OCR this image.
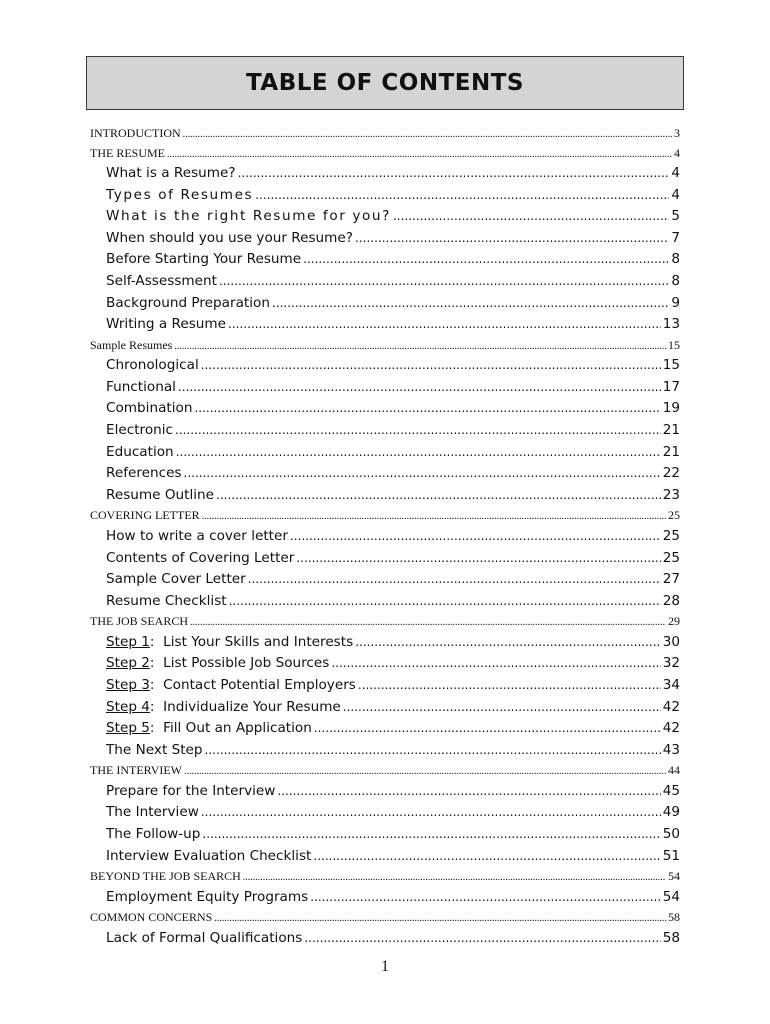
TABLE OF CONTENTS
INTRODUCTION .....	3
THE RESUME .....	4
What is a Resume? .....	4
Types of Resumes .....	4
What is the right Resume for you? .....	5
When should you use your Resume? .....	7
Before Starting Your Resume .....	8
Self-Assessment .....	8
Background Preparation .....	9
Writing a Resume .....	13
Sample Resumes .....	15
Chronological .....	15
Functional .....	17
Combination .....	19
Electronic .....	21
Education .....	21
References .....	22
Resume Outline .....	23
COVERING LETTER .....	25
How to write a cover letter .....	25
Contents of Covering Letter .....	25
Sample Cover Letter .....	27
Resume Checklist .....	28
THE JOB SEARCH .....	29
Step 1:  List Your Skills and Interests .....	30
Step 2:  List Possible Job Sources .....	32
Step 3:  Contact Potential Employers .....	34
Step 4:  Individualize Your Resume .....	42
Step 5:  Fill Out an Application .....	42
The Next Step .....	43
THE INTERVIEW .....	44
Prepare for the Interview .....	45
The Interview .....	49
The Follow-up .....	50
Interview Evaluation Checklist .....	51
BEYOND THE JOB SEARCH .....	54
Employment Equity Programs .....	54
COMMON CONCERNS .....	58
Lack of Formal Qualifications .....	58
1
